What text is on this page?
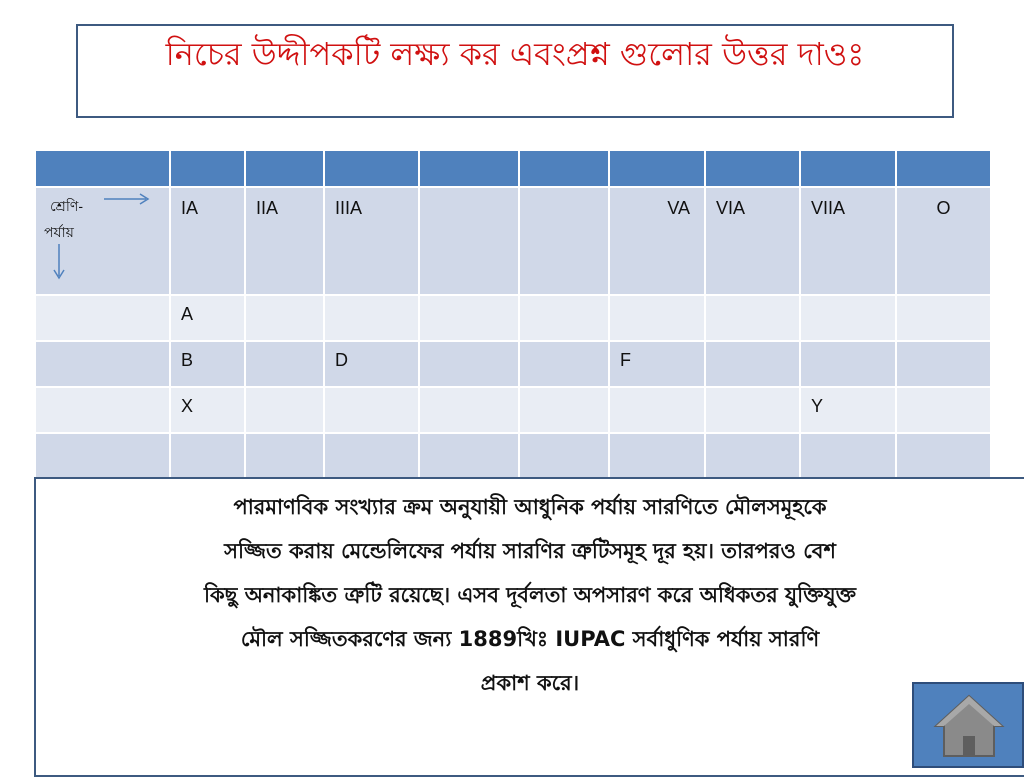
নিচের উদ্দীপকটি লক্ষ্য কর এবংপ্রশ্ন গুলোর উত্তর দাওঃ

শ্রেণি-
পর্যায়	IA	IIA	IIIA			VA	VIA	VIIA	O
	A								
	B		D			F			
	X							Y	

পারমাণবিক সংখ্যার ক্রম অনুযায়ী আধুনিক পর্যায় সারণিতে মৌলসমূহকে
সজ্জিত করায় মেন্ডেলিফের পর্যায় সারণির ত্রুটিসমূহ দূর হয়। তারপরও বেশ
কিছু অনাকাঙ্কিত ত্রুটি রয়েছে। এসব দূর্বলতা অপসারণ করে অধিকতর যুক্তিযুক্ত
মৌল সজ্জিতকরণের জন্য 1889খিঃ IUPAC সর্বাধুণিক পর্যায় সারণি
প্রকাশ করে।
